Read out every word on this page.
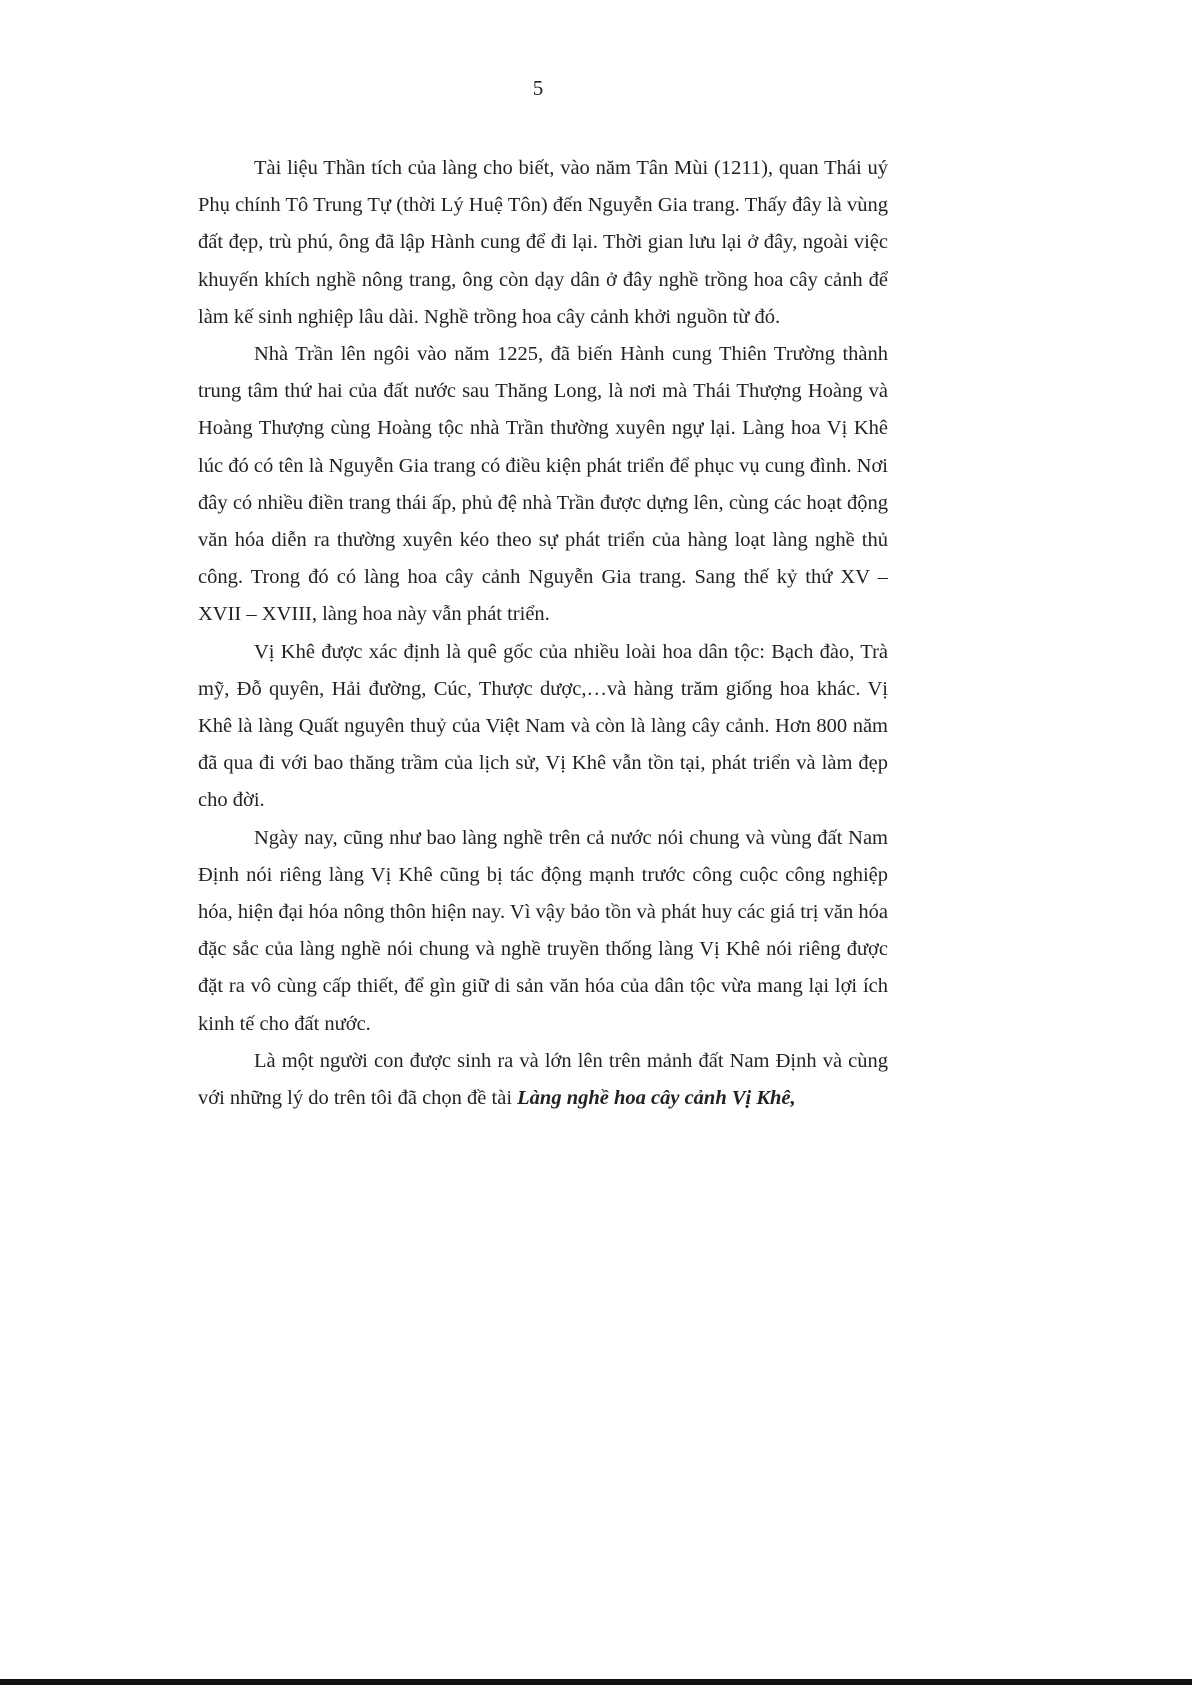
5

Tài liệu Thần tích của làng cho biết, vào năm Tân Mùi (1211), quan Thái uý Phụ chính Tô Trung Tự (thời Lý Huệ Tôn) đến Nguyễn Gia trang. Thấy đây là vùng đất đẹp, trù phú, ông đã lập Hành cung để đi lại. Thời gian lưu lại ở đây, ngoài việc khuyến khích nghề nông trang, ông còn dạy dân ở đây nghề trồng hoa cây cảnh để làm kế sinh nghiệp lâu dài. Nghề trồng hoa cây cảnh khởi nguồn từ đó.

Nhà Trần lên ngôi vào năm 1225, đã biến Hành cung Thiên Trường thành trung tâm thứ hai của đất nước sau Thăng Long, là nơi mà Thái Thượng Hoàng và Hoàng Thượng cùng Hoàng tộc nhà Trần thường xuyên ngự lại. Làng hoa Vị Khê lúc đó có tên là Nguyễn Gia trang có điều kiện phát triển để phục vụ cung đình. Nơi đây có nhiều điền trang thái ấp, phủ đệ nhà Trần được dựng lên, cùng các hoạt động văn hóa diễn ra thường xuyên kéo theo sự phát triển của hàng loạt làng nghề thủ công. Trong đó có làng hoa cây cảnh Nguyễn Gia trang. Sang thế kỷ thứ XV – XVII – XVIII, làng hoa này vẫn phát triển.

Vị Khê được xác định là quê gốc của nhiều loài hoa dân tộc: Bạch đào, Trà mỹ, Đỗ quyên, Hải đường, Cúc, Thược dược,…và hàng trăm giống hoa khác. Vị Khê là làng Quất nguyên thuỷ của Việt Nam và còn là làng cây cảnh. Hơn 800 năm đã qua đi với bao thăng trầm của lịch sử, Vị Khê vẫn tồn tại, phát triển và làm đẹp cho đời.

Ngày nay, cũng như bao làng nghề trên cả nước nói chung và vùng đất Nam Định nói riêng làng Vị Khê cũng bị tác động mạnh trước công cuộc công nghiệp hóa, hiện đại hóa nông thôn hiện nay. Vì vậy bảo tồn và phát huy các giá trị văn hóa đặc sắc của làng nghề nói chung và nghề truyền thống làng Vị Khê nói riêng được đặt ra vô cùng cấp thiết, để gìn giữ di sản văn hóa của dân tộc vừa mang lại lợi ích kinh tế cho đất nước.

Là một người con được sinh ra và lớn lên trên mảnh đất Nam Định và cùng với những lý do trên tôi đã chọn đề tài Làng nghề hoa cây cảnh Vị Khê,
